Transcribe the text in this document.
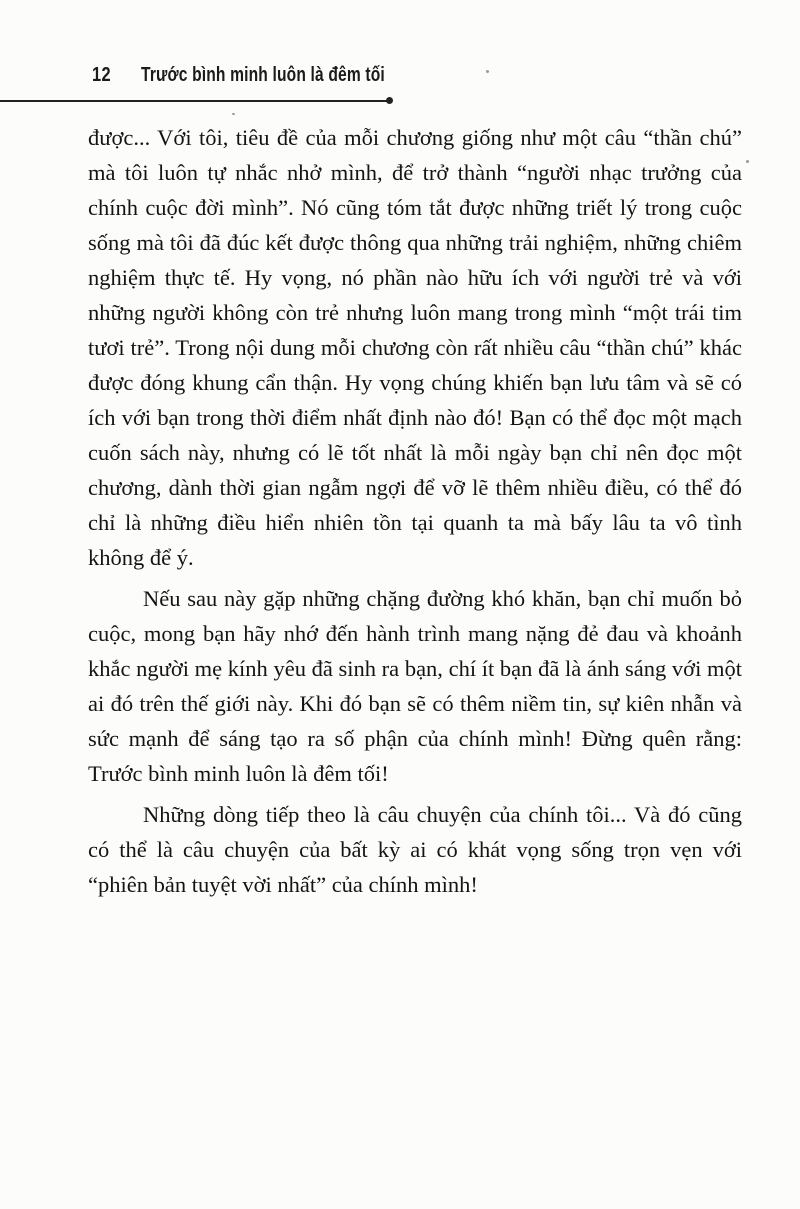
12 Trước bình minh luôn là đêm tối

được... Với tôi, tiêu đề của mỗi chương giống như một câu “thần chú” mà tôi luôn tự nhắc nhở mình, để trở thành “người nhạc trưởng của chính cuộc đời mình”. Nó cũng tóm tắt được những triết lý trong cuộc sống mà tôi đã đúc kết được thông qua những trải nghiệm, những chiêm nghiệm thực tế. Hy vọng, nó phần nào hữu ích với người trẻ và với những người không còn trẻ nhưng luôn mang trong mình “một trái tim tươi trẻ”. Trong nội dung mỗi chương còn rất nhiều câu “thần chú” khác được đóng khung cẩn thận. Hy vọng chúng khiến bạn lưu tâm và sẽ có ích với bạn trong thời điểm nhất định nào đó! Bạn có thể đọc một mạch cuốn sách này, nhưng có lẽ tốt nhất là mỗi ngày bạn chỉ nên đọc một chương, dành thời gian ngẫm ngợi để vỡ lẽ thêm nhiều điều, có thể đó chỉ là những điều hiển nhiên tồn tại quanh ta mà bấy lâu ta vô tình không để ý.

Nếu sau này gặp những chặng đường khó khăn, bạn chỉ muốn bỏ cuộc, mong bạn hãy nhớ đến hành trình mang nặng đẻ đau và khoảnh khắc người mẹ kính yêu đã sinh ra bạn, chí ít bạn đã là ánh sáng với một ai đó trên thế giới này. Khi đó bạn sẽ có thêm niềm tin, sự kiên nhẫn và sức mạnh để sáng tạo ra số phận của chính mình! Đừng quên rằng: Trước bình minh luôn là đêm tối!

Những dòng tiếp theo là câu chuyện của chính tôi... Và đó cũng có thể là câu chuyện của bất kỳ ai có khát vọng sống trọn vẹn với “phiên bản tuyệt vời nhất” của chính mình!
